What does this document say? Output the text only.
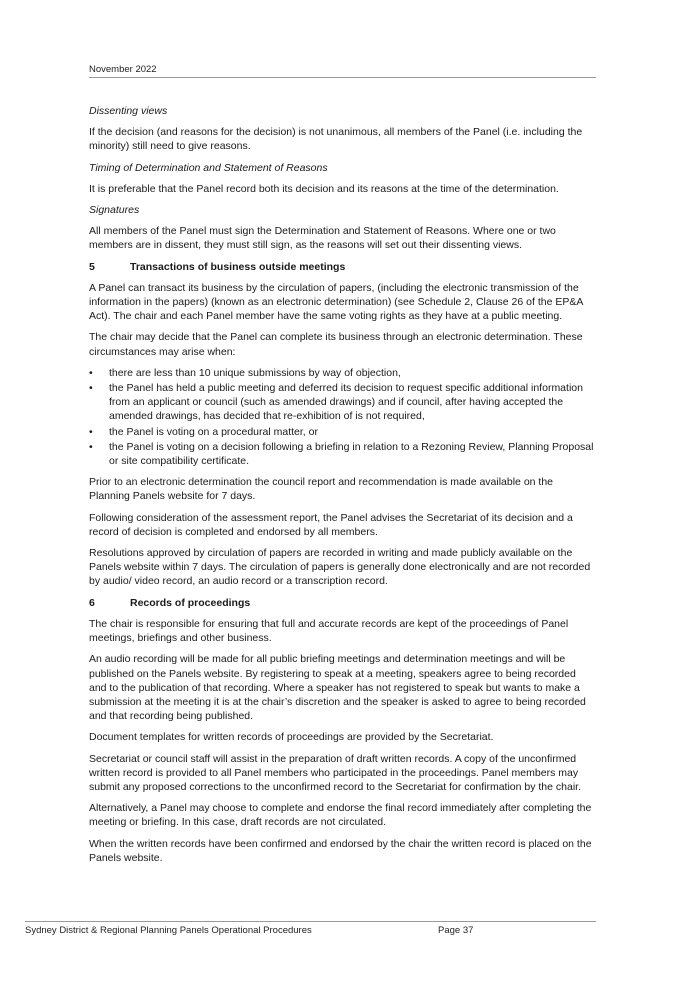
November 2022

Dissenting views

If the decision (and reasons for the decision) is not unanimous, all members of the Panel (i.e. including the minority) still need to give reasons.

Timing of Determination and Statement of Reasons

It is preferable that the Panel record both its decision and its reasons at the time of the determination.

Signatures

All members of the Panel must sign the Determination and Statement of Reasons. Where one or two members are in dissent, they must still sign, as the reasons will set out their dissenting views.

5	Transactions of business outside meetings

A Panel can transact its business by the circulation of papers, (including the electronic transmission of the information in the papers) (known as an electronic determination) (see Schedule 2, Clause 26 of the EP&A Act). The chair and each Panel member have the same voting rights as they have at a public meeting.

The chair may decide that the Panel can complete its business through an electronic determination. These circumstances may arise when:

• there are less than 10 unique submissions by way of objection,
• the Panel has held a public meeting and deferred its decision to request specific additional information from an applicant or council (such as amended drawings) and if council, after having accepted the amended drawings, has decided that re-exhibition of is not required,
• the Panel is voting on a procedural matter, or
• the Panel is voting on a decision following a briefing in relation to a Rezoning Review, Planning Proposal or site compatibility certificate.

Prior to an electronic determination the council report and recommendation is made available on the Planning Panels website for 7 days.

Following consideration of the assessment report, the Panel advises the Secretariat of its decision and a record of decision is completed and endorsed by all members.

Resolutions approved by circulation of papers are recorded in writing and made publicly available on the Panels website within 7 days. The circulation of papers is generally done electronically and are not recorded by audio/ video record, an audio record or a transcription record.

6	Records of proceedings

The chair is responsible for ensuring that full and accurate records are kept of the proceedings of Panel meetings, briefings and other business.

An audio recording will be made for all public briefing meetings and determination meetings and will be published on the Panels website. By registering to speak at a meeting, speakers agree to being recorded and to the publication of that recording. Where a speaker has not registered to speak but wants to make a submission at the meeting it is at the chair’s discretion and the speaker is asked to agree to being recorded and that recording being published.

Document templates for written records of proceedings are provided by the Secretariat.

Secretariat or council staff will assist in the preparation of draft written records. A copy of the unconfirmed written record is provided to all Panel members who participated in the proceedings. Panel members may submit any proposed corrections to the unconfirmed record to the Secretariat for confirmation by the chair.

Alternatively, a Panel may choose to complete and endorse the final record immediately after completing the meeting or briefing. In this case, draft records are not circulated.

When the written records have been confirmed and endorsed by the chair the written record is placed on the Panels website.

Sydney District & Regional Planning Panels Operational Procedures	Page 37
